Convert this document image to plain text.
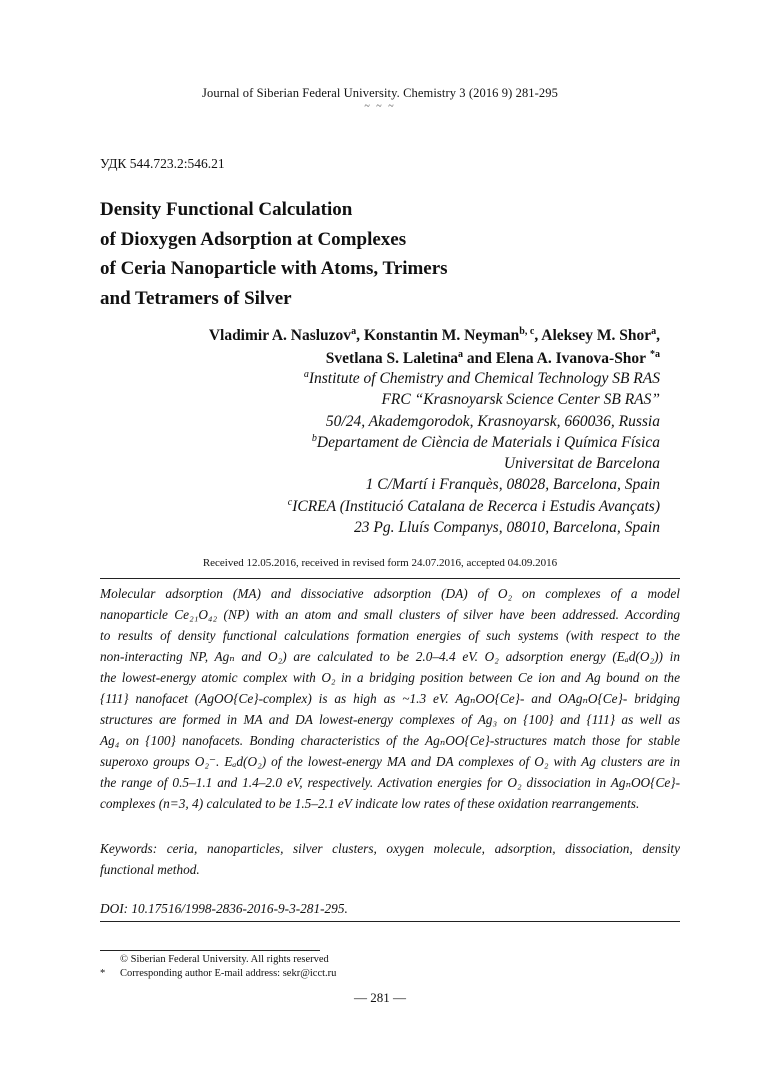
Journal of Siberian Federal University. Chemistry 3 (2016 9) 281-295
~ ~ ~
УДК 544.723.2:546.21
Density Functional Calculation
of Dioxygen Adsorption at Complexes
of Ceria Nanoparticle with Atoms, Trimers
and Tetramers of Silver
Vladimir A. Nasluzov$^a$, Konstantin M. Neyman$^{b, c}$, Aleksey M. Shor$^a$,
Svetlana S. Laletina$^a$ and Elena A. Ivanova-Shor $^{*a}$
$^a$Institute of Chemistry and Chemical Technology SB RAS
FRC “Krasnoyarsk Science Center SB RAS”
50/24, Akademgorodok, Krasnoyarsk, 660036, Russia
$^b$Departament de Ciència de Materials i Química Física
Universitat de Barcelona
1 C/Martí i Franquès, 08028, Barcelona, Spain
$^c$ICREA (Institució Catalana de Recerca i Estudis Avançats)
23 Pg. Lluís Companys, 08010, Barcelona, Spain
Received 12.05.2016, received in revised form 24.07.2016, accepted 04.09.2016
Molecular adsorption (MA) and dissociative adsorption (DA) of O₂ on complexes of a model
nanoparticle Ce₂₁O₄₂ (NP) with an atom and small clusters of silver have been addressed. According
to results of density functional calculations formation energies of such systems (with respect to the
non-interacting NP, Agₙ and O₂) are calculated to be 2.0–4.4 eV. O₂ adsorption energy (Eₐd(O₂)) in
the lowest-energy atomic complex with O₂ in a bridging position between Ce ion and Ag bound on the
{111} nanofacet (AgOO{Ce}-complex) is as high as ~1.3 eV. AgₙOO{Ce}- and OAgₙO{Ce}- bridging
structures are formed in MA and DA lowest-energy complexes of Ag₃ on {100} and {111} as well as
Ag₄ on {100} nanofacets. Bonding characteristics of the AgₙOO{Ce}-structures match those for stable
superoxo groups O₂⁻. Eₐd(O₂) of the lowest-energy MA and DA complexes of O₂ with Ag clusters are in
the range of 0.5–1.1 and 1.4–2.0 eV, respectively. Activation energies for O₂ dissociation in AgₙOO{Ce}-
complexes (n=3, 4) calculated to be 1.5–2.1 eV indicate low rates of these oxidation rearrangements.
Keywords: ceria, nanoparticles, silver clusters, oxygen molecule, adsorption, dissociation, density
functional method.
DOI: 10.17516/1998-2836-2016-9-3-281-295.
© Siberian Federal University. All rights reserved
*	Corresponding author E-mail address: sekr@icct.ru
— 281 —
